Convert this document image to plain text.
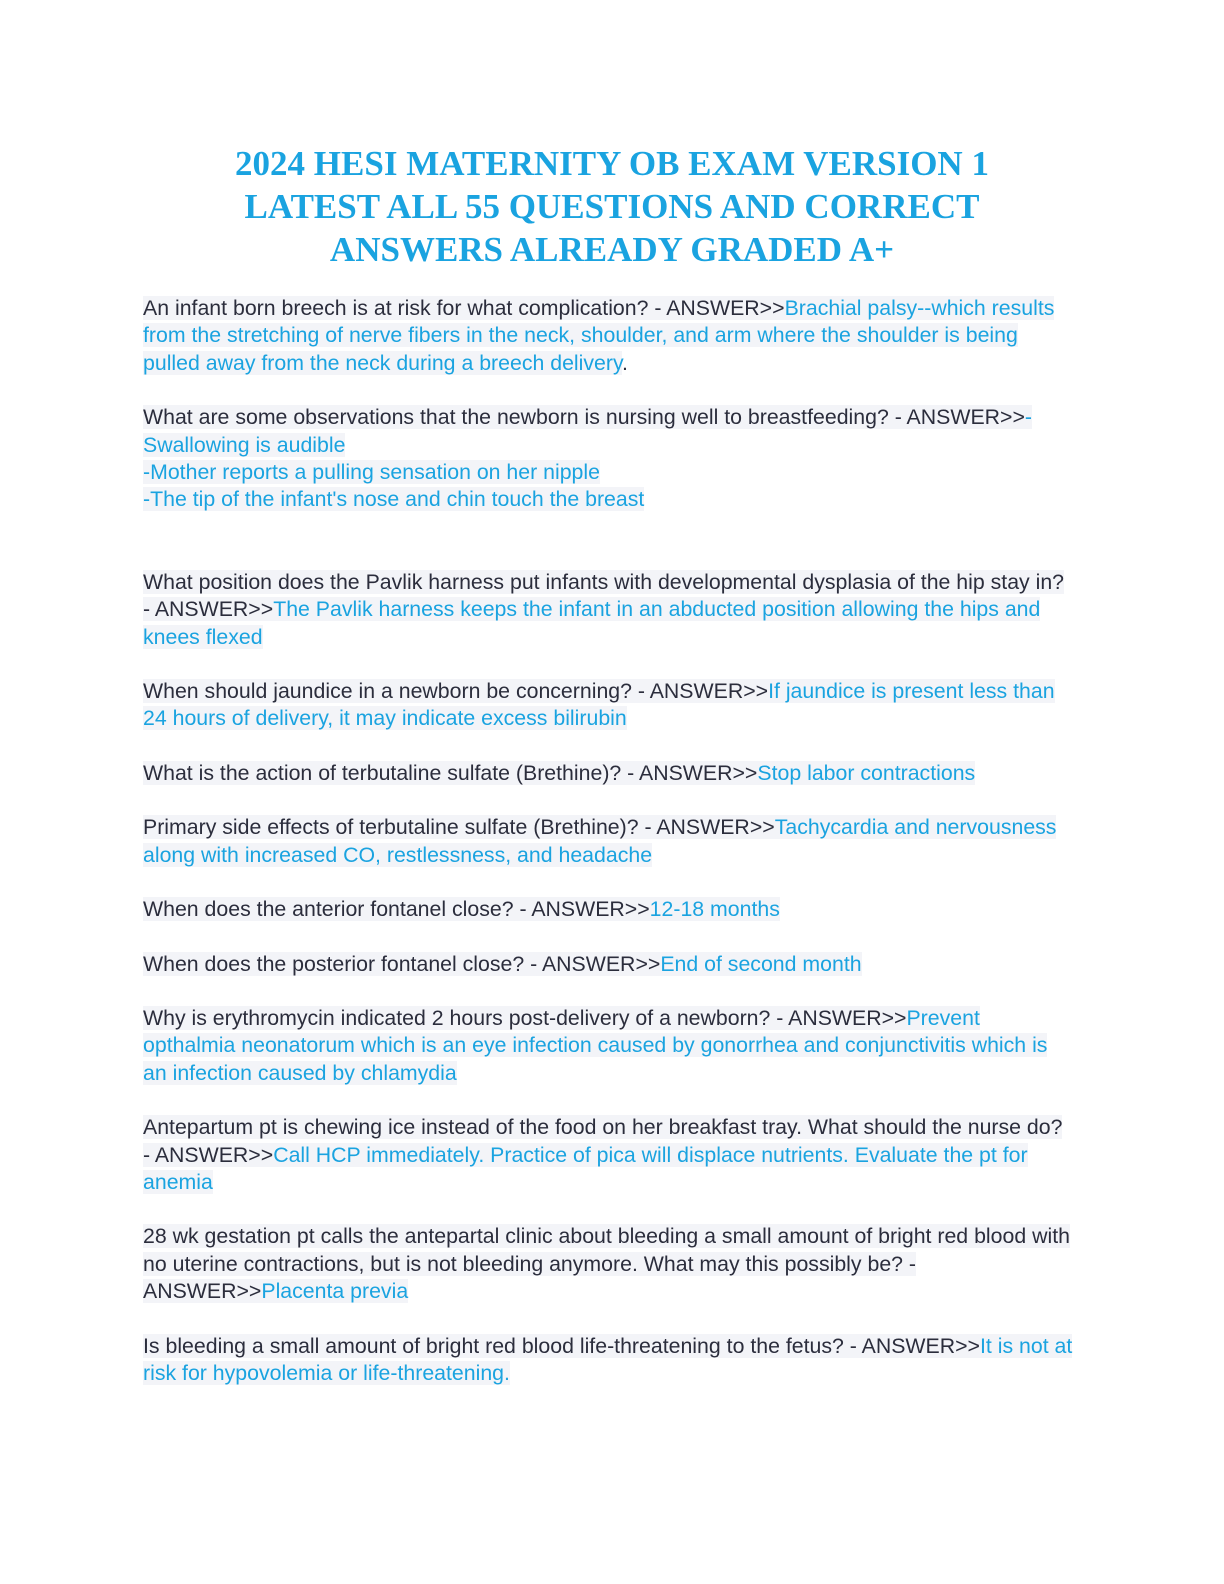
2024 HESI MATERNITY OB EXAM VERSION 1
LATEST ALL 55 QUESTIONS AND CORRECT
ANSWERS ALREADY GRADED A+

An infant born breech is at risk for what complication? - ANSWER>>Brachial palsy--which results from the stretching of nerve fibers in the neck, shoulder, and arm where the shoulder is being pulled away from the neck during a breech delivery.

What are some observations that the newborn is nursing well to breastfeeding? - ANSWER>>-Swallowing is audible
-Mother reports a pulling sensation on her nipple
-The tip of the infant's nose and chin touch the breast

What position does the Pavlik harness put infants with developmental dysplasia of the hip stay in? - ANSWER>>The Pavlik harness keeps the infant in an abducted position allowing the hips and knees flexed

When should jaundice in a newborn be concerning? - ANSWER>>If jaundice is present less than 24 hours of delivery, it may indicate excess bilirubin

What is the action of terbutaline sulfate (Brethine)? - ANSWER>>Stop labor contractions

Primary side effects of terbutaline sulfate (Brethine)? - ANSWER>>Tachycardia and nervousness along with increased CO, restlessness, and headache

When does the anterior fontanel close? - ANSWER>>12-18 months

When does the posterior fontanel close? - ANSWER>>End of second month

Why is erythromycin indicated 2 hours post-delivery of a newborn? - ANSWER>>Prevent opthalmia neonatorum which is an eye infection caused by gonorrhea and conjunctivitis which is an infection caused by chlamydia

Antepartum pt is chewing ice instead of the food on her breakfast tray. What should the nurse do? - ANSWER>>Call HCP immediately. Practice of pica will displace nutrients. Evaluate the pt for anemia

28 wk gestation pt calls the antepartal clinic about bleeding a small amount of bright red blood with no uterine contractions, but is not bleeding anymore. What may this possibly be? - ANSWER>>Placenta previa

Is bleeding a small amount of bright red blood life-threatening to the fetus? - ANSWER>>It is not at risk for hypovolemia or life-threatening.
